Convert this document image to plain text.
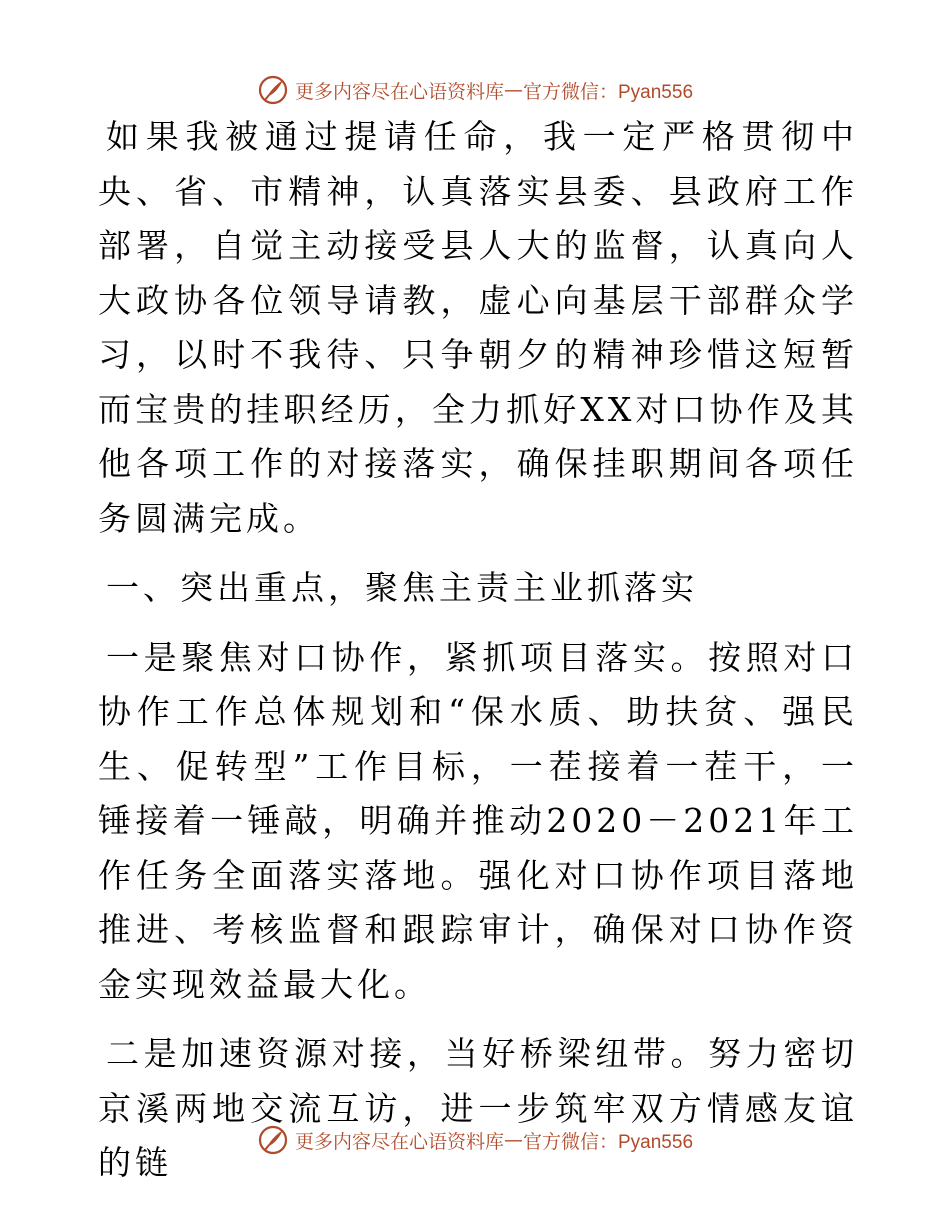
更多内容尽在心语资料库 — 官方微信：Pyan556

如果我被通过提请任命，我一定严格贯彻中央、省、市精神，认真落实县委、县政府工作部署，自觉主动接受县人大的监督，认真向人大政协各位领导请教，虚心向基层干部群众学习，以时不我待、只争朝夕的精神珍惜这短暂而宝贵的挂职经历，全力抓好XX对口协作及其他各项工作的对接落实，确保挂职期间各项任务圆满完成。

一、突出重点，聚焦主责主业抓落实

一是聚焦对口协作，紧抓项目落实。按照对口协作工作总体规划和“保水质、助扶贫、强民生、促转型”工作目标，一茬接着一茬干，一锤接着一锤敲，明确并推动2020－2021年工作任务全面落实落地。强化对口协作项目落地推进、考核监督和跟踪审计，确保对口协作资金实现效益最大化。

二是加速资源对接，当好桥梁纽带。努力密切京溪两地交流互访，进一步筑牢双方情感友谊的链

更多内容尽在心语资料库 — 官方微信：Pyan556
